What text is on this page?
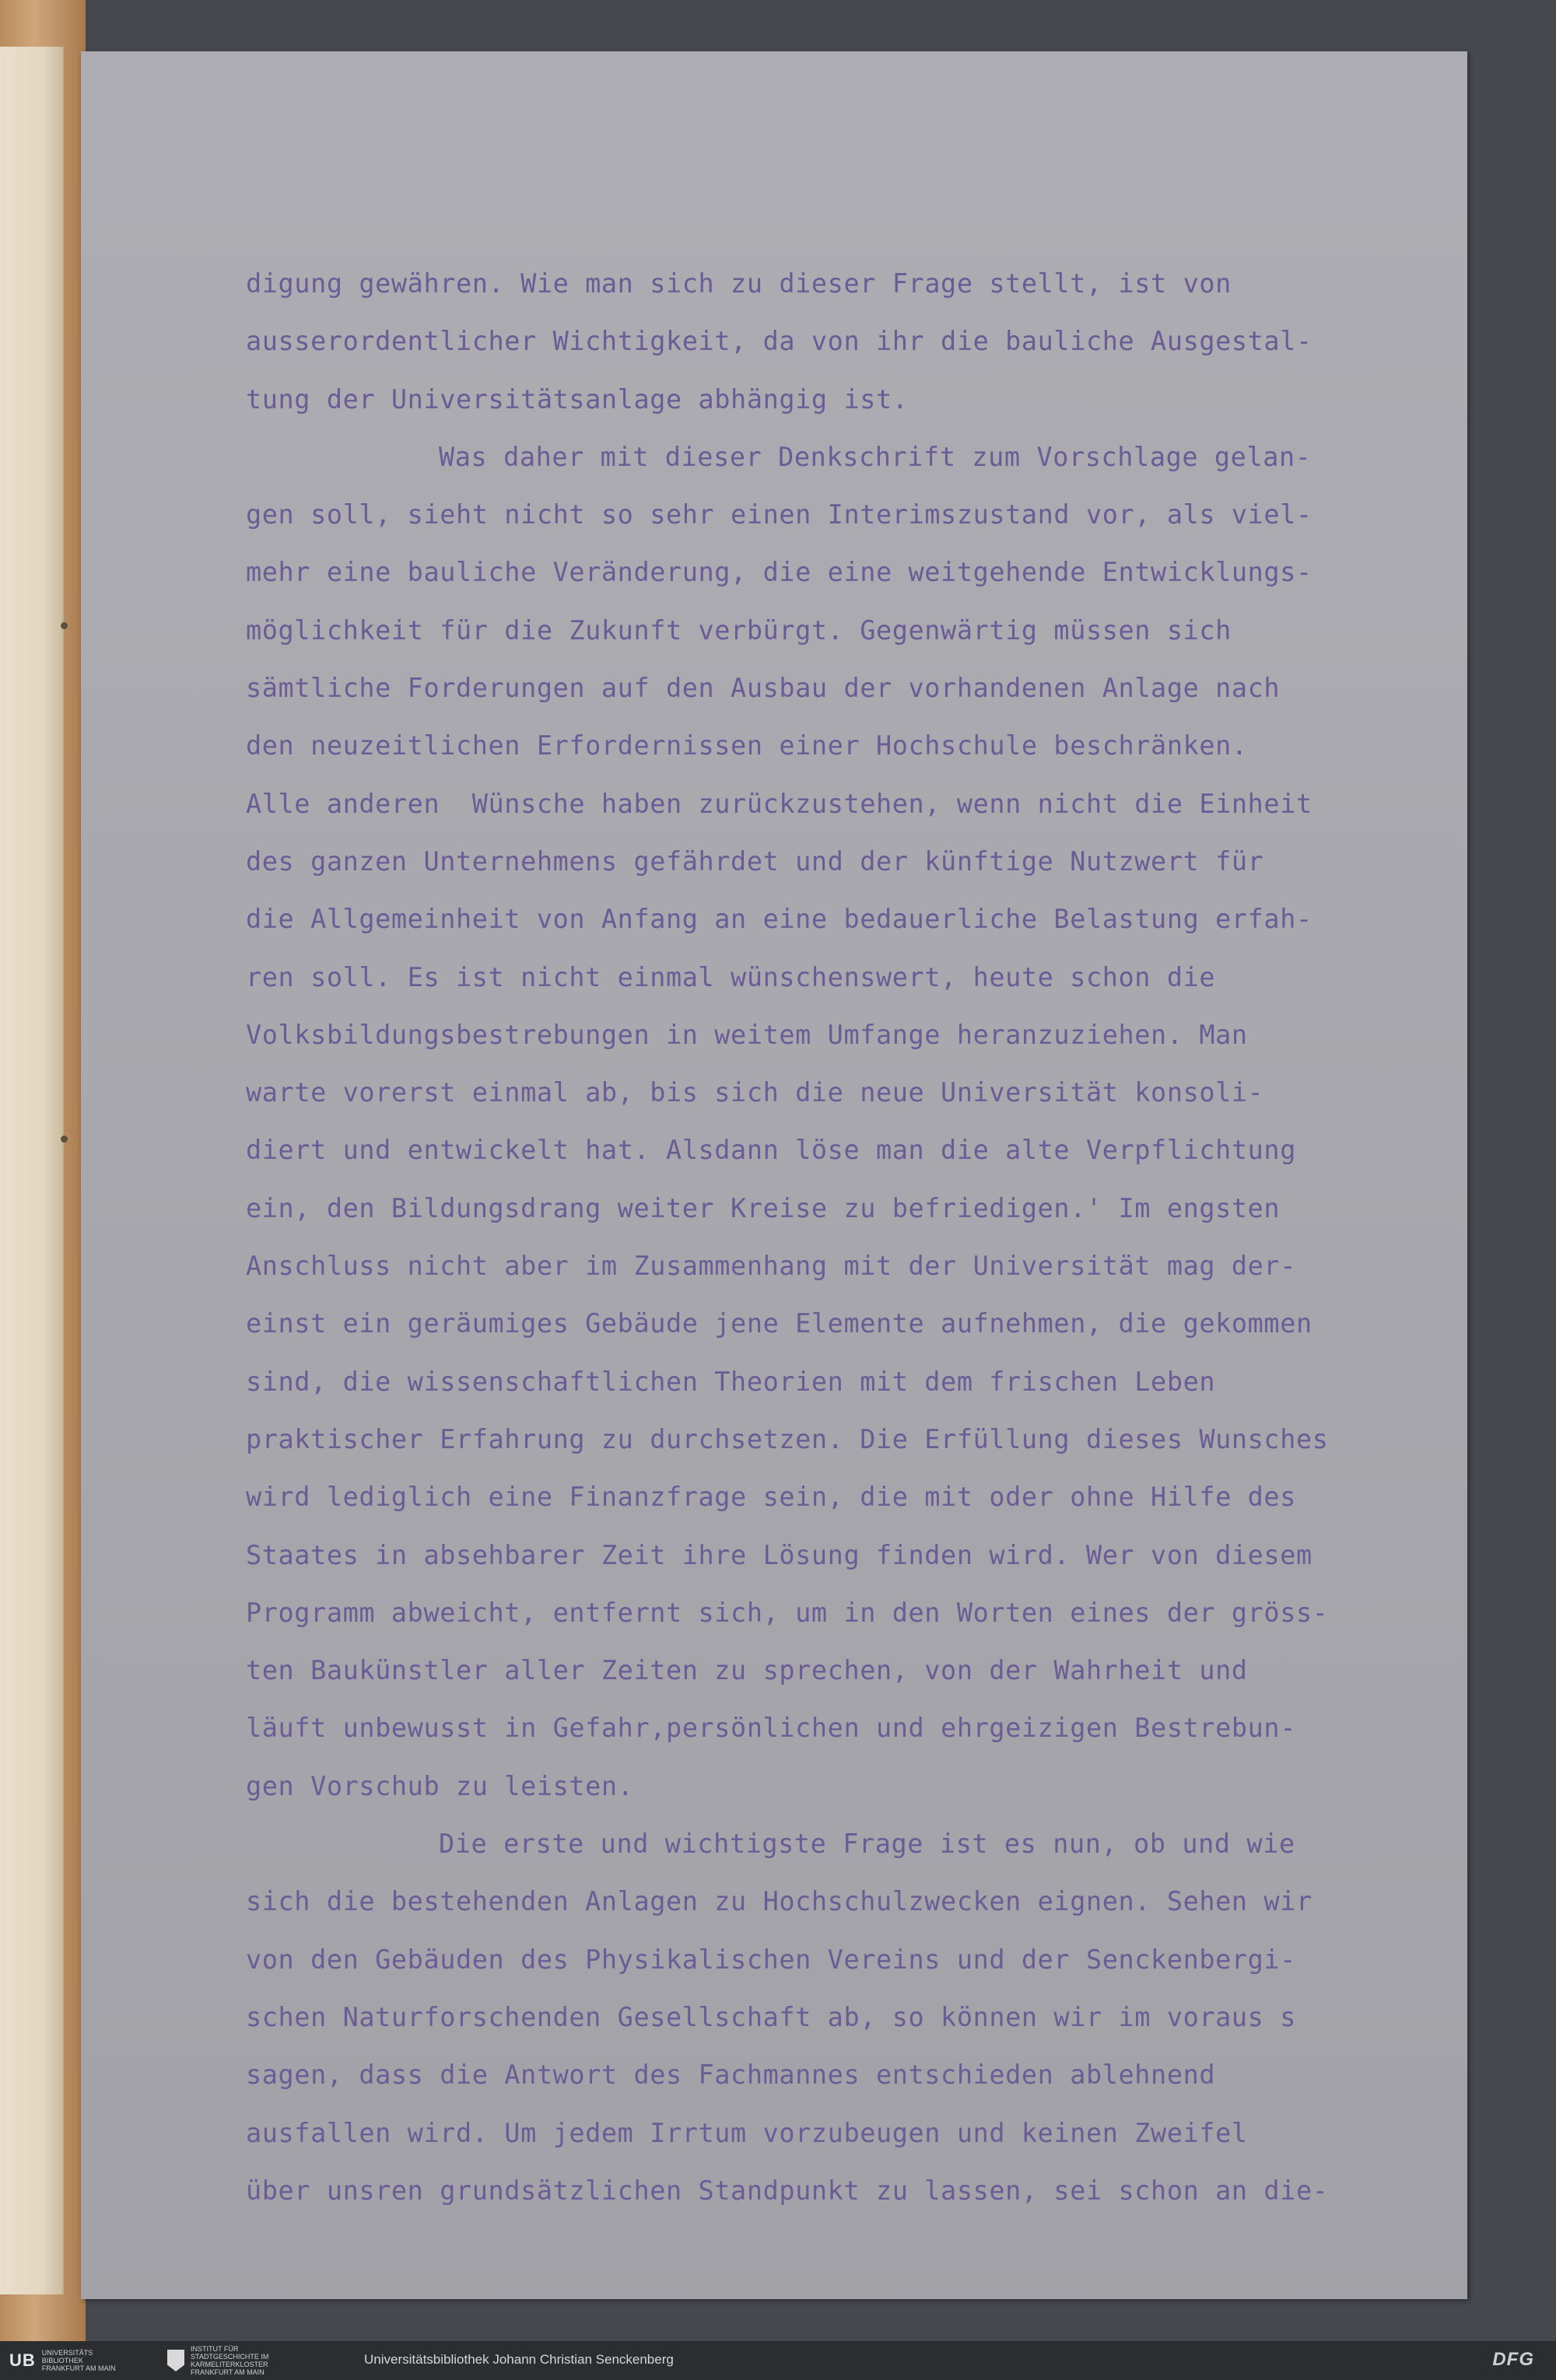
digung gewähren. Wie man sich zu dieser Frage stellt, ist von
ausserordentlicher Wichtigkeit, da von ihr die bauliche Ausgestal-
tung der Universitätsanlage abhängig ist.
Was daher mit dieser Denkschrift zum Vorschlage gelan-
gen soll, sieht nicht so sehr einen Interimszustand vor, als viel-
mehr eine bauliche Veränderung, die eine weitgehende Entwicklungs-
möglichkeit für die Zukunft verbürgt. Gegenwärtig müssen sich
sämtliche Forderungen auf den Ausbau der vorhandenen Anlage nach
den neuzeitlichen Erfordernissen einer Hochschule beschränken.
Alle anderen  Wünsche haben zurückzustehen, wenn nicht die Einheit
des ganzen Unternehmens gefährdet und der künftige Nutzwert für
die Allgemeinheit von Anfang an eine bedauerliche Belastung erfah-
ren soll. Es ist nicht einmal wünschenswert, heute schon die
Volksbildungsbestrebungen in weitem Umfange heranzuziehen. Man
warte vorerst einmal ab, bis sich die neue Universität konsoli-
diert und entwickelt hat. Alsdann löse man die alte Verpflichtung
ein, den Bildungsdrang weiter Kreise zu befriedigen.' Im engsten
Anschluss nicht aber im Zusammenhang mit der Universität mag der-
einst ein geräumiges Gebäude jene Elemente aufnehmen, die gekommen
sind, die wissenschaftlichen Theorien mit dem frischen Leben
praktischer Erfahrung zu durchsetzen. Die Erfüllung dieses Wunsches
wird lediglich eine Finanzfrage sein, die mit oder ohne Hilfe des
Staates in absehbarer Zeit ihre Lösung finden wird. Wer von diesem
Programm abweicht, entfernt sich, um in den Worten eines der gröss-
ten Baukünstler aller Zeiten zu sprechen, von der Wahrheit und
läuft unbewusst in Gefahr,persönlichen und ehrgeizigen Bestrebun-
gen Vorschub zu leisten.
Die erste und wichtigste Frage ist es nun, ob und wie
sich die bestehenden Anlagen zu Hochschulzwecken eignen. Sehen wir
von den Gebäuden des Physikalischen Vereins und der Senckenbergi-
schen Naturforschenden Gesellschaft ab, so können wir im voraus s
sagen, dass die Antwort des Fachmannes entschieden ablehnend
ausfallen wird. Um jedem Irrtum vorzubeugen und keinen Zweifel
über unsren grundsätzlichen Standpunkt zu lassen, sei schon an die-
UB UNIVERSITÄTS BIBLIOTHEK FRANKFURT AM MAIN
INSTITUT FÜR STADTGESCHICHTE IM KARMELITERKLOSTER FRANKFURT AM MAIN
Universitätsbibliothek Johann Christian Senckenberg	DFG
